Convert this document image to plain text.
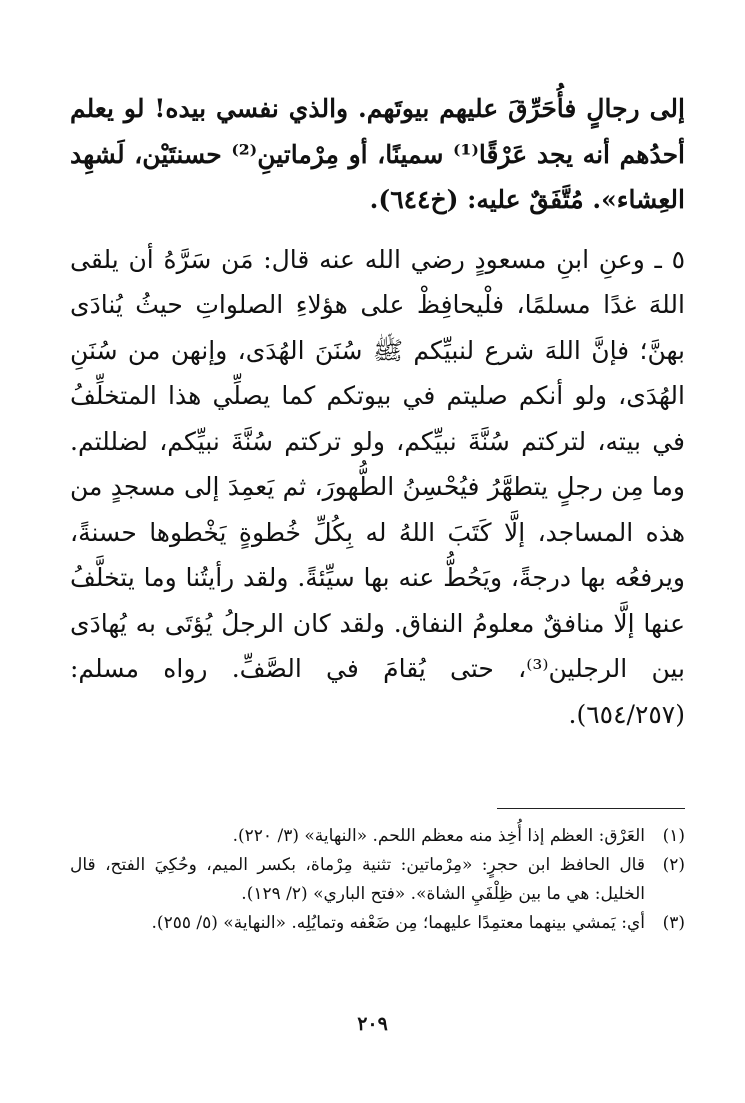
إلى رجالٍ فأُحَرِّقَ عليهم بيوتَهم. والذي نفسي بيده! لو يعلم أحدُهم أنه يجد عَرْقًا⁽¹⁾ سمينًا، أو مِرْماتينِ⁽²⁾ حسنتَيْن، لَشهِد العِشاء». مُتَّفَقٌ عليه: (خ٦٤٤).

٥ ـ وعنِ ابنِ مسعودٍ رضي الله عنه قال: مَن سَرَّهُ أن يلقى اللهَ غدًا مسلمًا، فلْيحافِظْ على هؤلاءِ الصلواتِ حيثُ يُنادَى بهنَّ؛ فإنَّ اللهَ شرع لنبيِّكم ﷺ سُنَنَ الهُدَى، وإنهن من سُنَنِ الهُدَى، ولو أنكم صليتم في بيوتكم كما يصلِّي هذا المتخلِّفُ في بيته، لتركتم سُنَّةَ نبيِّكم، ولو تركتم سُنَّةَ نبيِّكم، لضللتم. وما مِن رجلٍ يتطهَّرُ فيُحْسِنُ الطُّهورَ، ثم يَعمِدَ إلى مسجدٍ من هذه المساجد، إلَّا كَتَبَ اللهُ له بِكُلِّ خُطوةٍ يَخْطوها حسنةً، ويرفعُه بها درجةً، ويَحُطُّ عنه بها سيِّئةً. ولقد رأيتُنا وما يتخلَّفُ عنها إلَّا منافقٌ معلومُ النفاق. ولقد كان الرجلُ يُؤتَى به يُهادَى بين الرجلين⁽³⁾، حتى يُقامَ في الصَّفِّ. رواه مسلم: (٦٥٤/٢٥٧).

(١)العَرْق: العظم إذا أُخِذ منه معظم اللحم. «النهاية» (٣/ ٢٢٠).

(٢)قال الحافظ ابن حجرٍ: «مِرْماتين: تثنية مِرْماة، بكسر الميم، وحُكِيَ الفتح، قال الخليل: هي ما بين ظِلْفَيِ الشاة». «فتح الباري» (٢/ ١٢٩).

(٣)أي: يَمشي بينهما معتمِدًا عليهما؛ مِن ضَعْفه وتمايُلِه. «النهاية» (٥/ ٢٥٥).

٢٠٩
